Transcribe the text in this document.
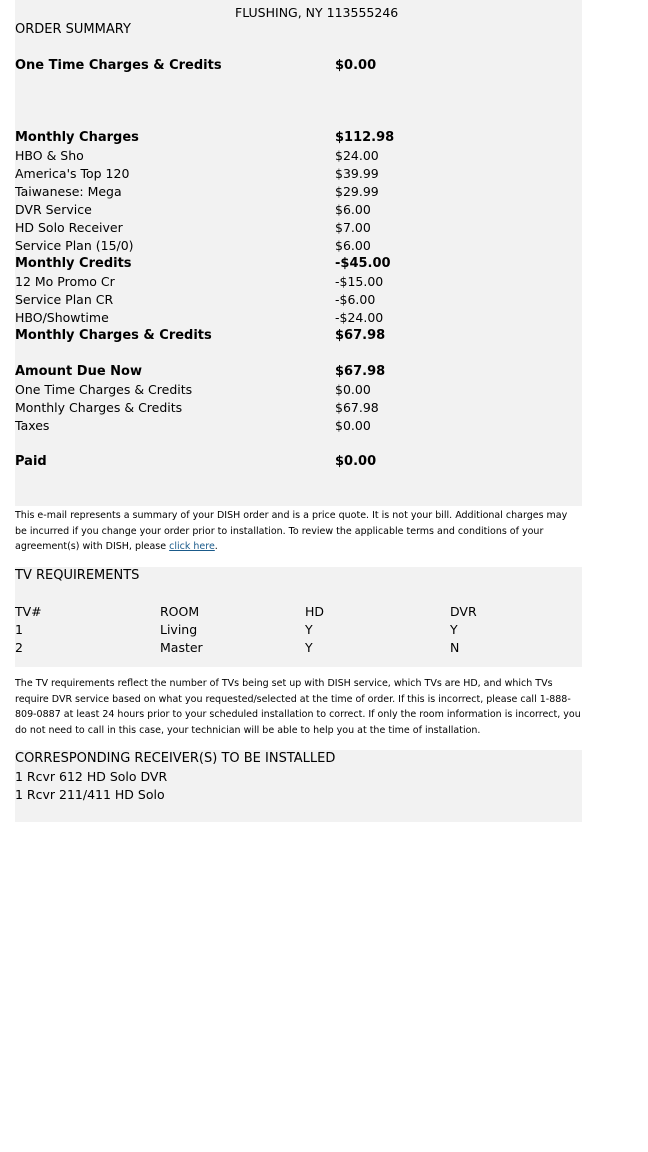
FLUSHING, NY 113555246
ORDER SUMMARY
One Time Charges & Credits	$0.00
Monthly Charges	$112.98
HBO & Sho	$24.00
America's Top 120	$39.99
Taiwanese: Mega	$29.99
DVR Service	$6.00
HD Solo Receiver	$7.00
Service Plan (15/0)	$6.00
Monthly Credits	-$45.00
12 Mo Promo Cr	-$15.00
Service Plan CR	-$6.00
HBO/Showtime	-$24.00
Monthly Charges & Credits	$67.98
Amount Due Now	$67.98
One Time Charges & Credits	$0.00
Monthly Charges & Credits	$67.98
Taxes	$0.00
Paid	$0.00
This e-mail represents a summary of your DISH order and is a price quote. It is not your bill. Additional charges may be incurred if you change your order prior to installation. To review the applicable terms and conditions of your agreement(s) with DISH, please click here.
TV REQUIREMENTS
TV#	ROOM	HD	DVR
1	Living	Y	Y
2	Master	Y	N
The TV requirements reflect the number of TVs being set up with DISH service, which TVs are HD, and which TVs require DVR service based on what you requested/selected at the time of order. If this is incorrect, please call 1-888-809-0887 at least 24 hours prior to your scheduled installation to correct. If only the room information is incorrect, you do not need to call in this case, your technician will be able to help you at the time of installation.
CORRESPONDING RECEIVER(S) TO BE INSTALLED
1 Rcvr 612 HD Solo DVR
1 Rcvr 211/411 HD Solo
